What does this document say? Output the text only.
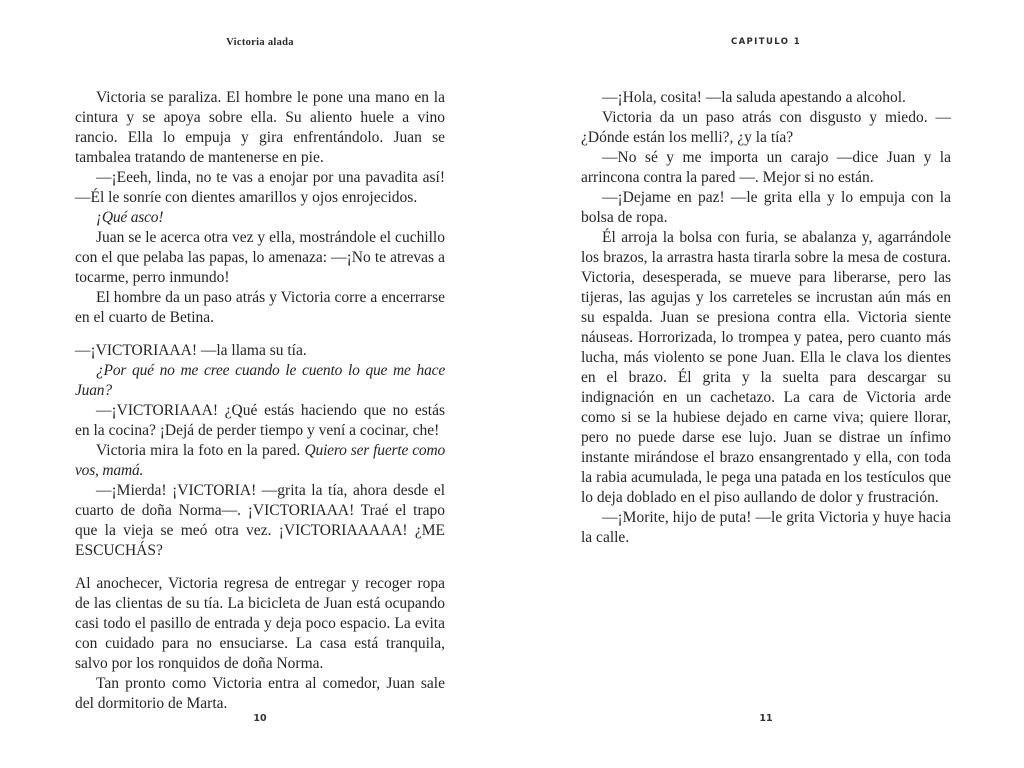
Victoria alada

Victoria se paraliza. El hombre le pone una mano en la cintura y se apoya sobre ella. Su aliento huele a vino rancio. Ella lo empuja y gira enfrentándolo. Juan se tambalea tratando de mantenerse en pie.

—¡Eeeh, linda, no te vas a enojar por una pavadita así! —Él le sonríe con dientes amarillos y ojos enrojecidos.

¡Qué asco!

Juan se le acerca otra vez y ella, mostrándole el cuchillo con el que pelaba las papas, lo amenaza: —¡No te atrevas a tocarme, perro inmundo!

El hombre da un paso atrás y Victoria corre a encerrarse en el cuarto de Betina.

—¡VICTORIAAA! —la llama su tía.

¿Por qué no me cree cuando le cuento lo que me hace Juan?

—¡VICTORIAAA! ¿Qué estás haciendo que no estás en la cocina? ¡Dejá de perder tiempo y vení a cocinar, che!

Victoria mira la foto en la pared. Quiero ser fuerte como vos, mamá.

—¡Mierda! ¡VICTORIA! —grita la tía, ahora desde el cuarto de doña Norma—. ¡VICTORIAAA! Traé el trapo que la vieja se meó otra vez. ¡VICTORIAAAAA! ¿ME ESCUCHÁS?

Al anochecer, Victoria regresa de entregar y recoger ropa de las clientas de su tía. La bicicleta de Juan está ocupando casi todo el pasillo de entrada y deja poco espacio. La evita con cuidado para no ensuciarse. La casa está tranquila, salvo por los ronquidos de doña Norma.

Tan pronto como Victoria entra al comedor, Juan sale del dormitorio de Marta.

10
CAPITULO 1

—¡Hola, cosita! —la saluda apestando a alcohol.

Victoria da un paso atrás con disgusto y miedo. —¿Dónde están los melli?, ¿y la tía?

—No sé y me importa un carajo —dice Juan y la arrincona contra la pared —. Mejor si no están.

—¡Dejame en paz! —le grita ella y lo empuja con la bolsa de ropa.

Él arroja la bolsa con furia, se abalanza y, agarrándole los brazos, la arrastra hasta tirarla sobre la mesa de costura. Victoria, desesperada, se mueve para liberarse, pero las tijeras, las agujas y los carreteles se incrustan aún más en su espalda. Juan se presiona contra ella. Victoria siente náuseas. Horrorizada, lo trompea y patea, pero cuanto más lucha, más violento se pone Juan. Ella le clava los dientes en el brazo. Él grita y la suelta para descargar su indignación en un cachetazo. La cara de Victoria arde como si se la hubiese dejado en carne viva; quiere llorar, pero no puede darse ese lujo. Juan se distrae un ínfimo instante mirándose el brazo ensangrentado y ella, con toda la rabia acumulada, le pega una patada en los testículos que lo deja doblado en el piso aullando de dolor y frustración.

—¡Morite, hijo de puta! —le grita Victoria y huye hacia la calle.

11
